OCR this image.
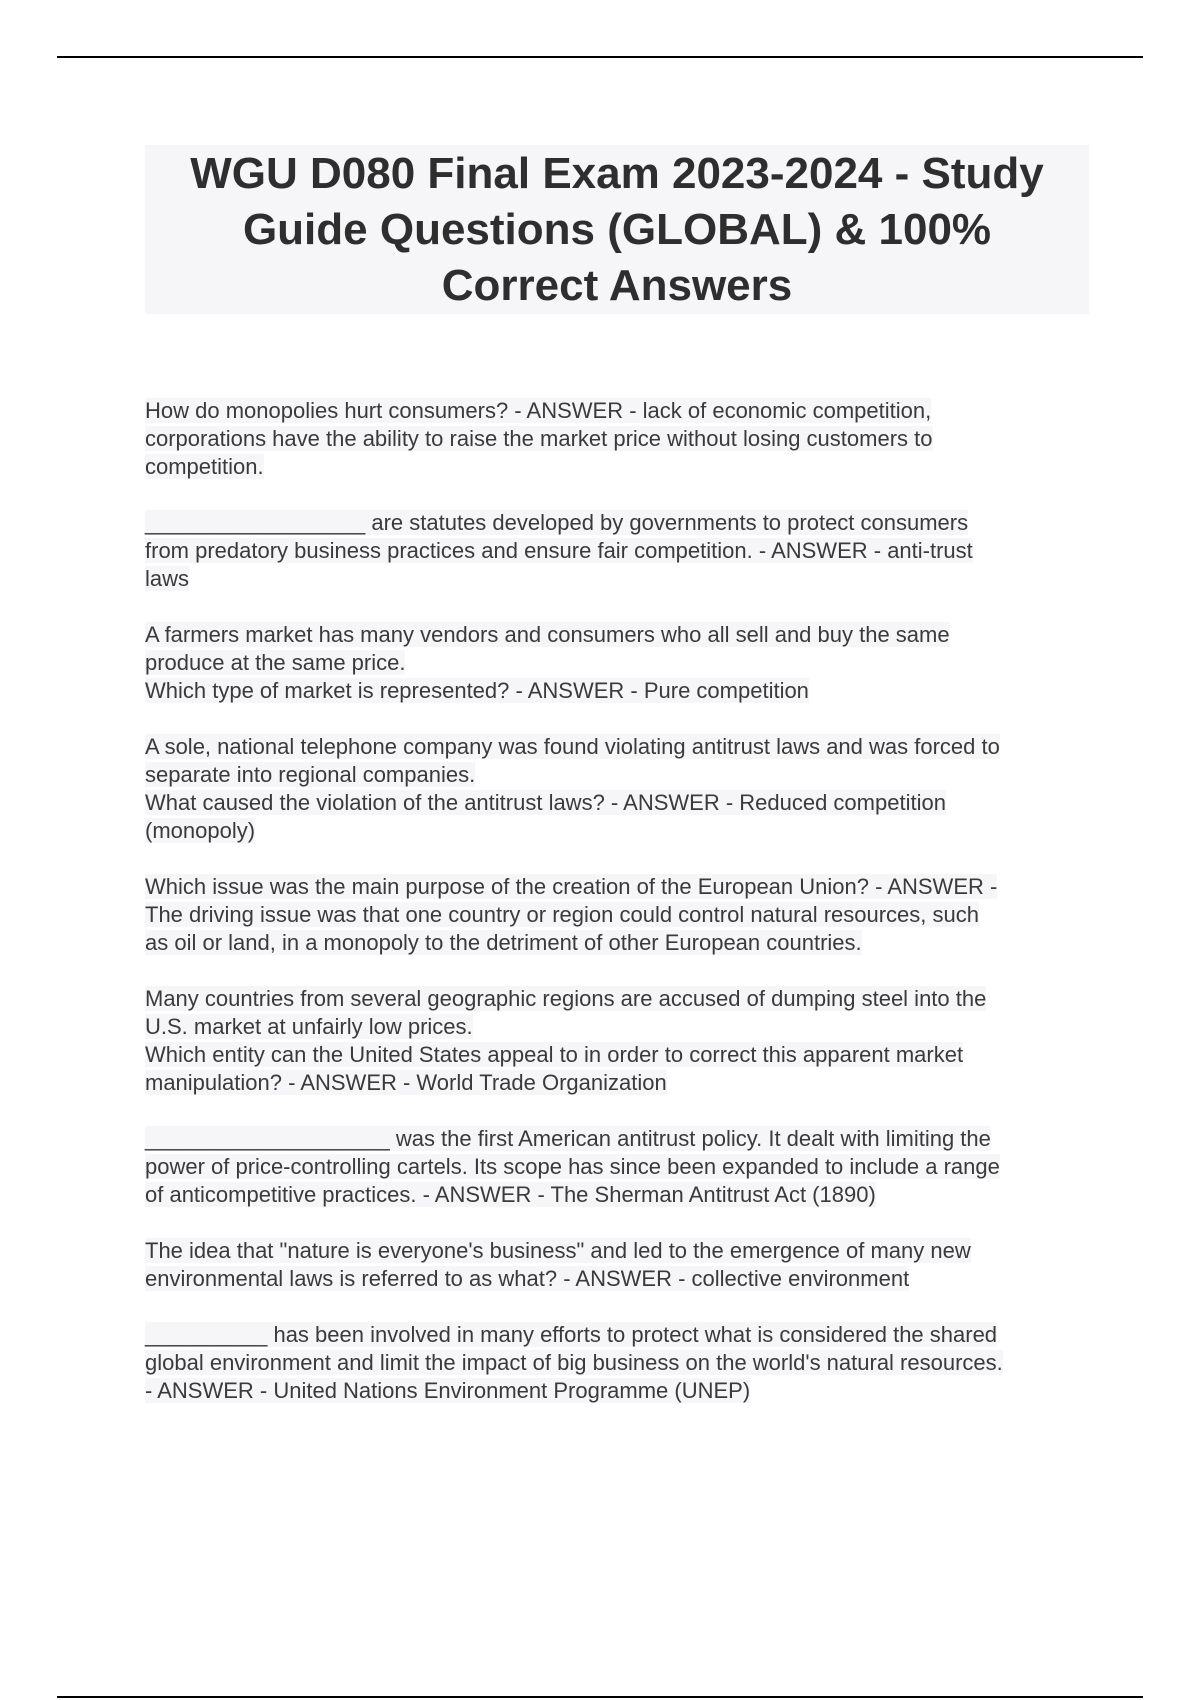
WGU D080 Final Exam 2023-2024 - Study
Guide Questions (GLOBAL) & 100%
Correct Answers

How do monopolies hurt consumers? - ANSWER - lack of economic competition,
corporations have the ability to raise the market price without losing customers to
competition.

__________________ are statutes developed by governments to protect consumers
from predatory business practices and ensure fair competition. - ANSWER - anti-trust
laws

A farmers market has many vendors and consumers who all sell and buy the same
produce at the same price.
Which type of market is represented? - ANSWER - Pure competition

A sole, national telephone company was found violating antitrust laws and was forced to
separate into regional companies.
What caused the violation of the antitrust laws? - ANSWER - Reduced competition
(monopoly)

Which issue was the main purpose of the creation of the European Union? - ANSWER -
The driving issue was that one country or region could control natural resources, such
as oil or land, in a monopoly to the detriment of other European countries.

Many countries from several geographic regions are accused of dumping steel into the
U.S. market at unfairly low prices.
Which entity can the United States appeal to in order to correct this apparent market
manipulation? - ANSWER - World Trade Organization

____________________ was the first American antitrust policy. It dealt with limiting the
power of price-controlling cartels. Its scope has since been expanded to include a range
of anticompetitive practices. - ANSWER - The Sherman Antitrust Act (1890)

The idea that "nature is everyone's business" and led to the emergence of many new
environmental laws is referred to as what? - ANSWER - collective environment

__________ has been involved in many efforts to protect what is considered the shared
global environment and limit the impact of big business on the world's natural resources.
- ANSWER - United Nations Environment Programme (UNEP)
